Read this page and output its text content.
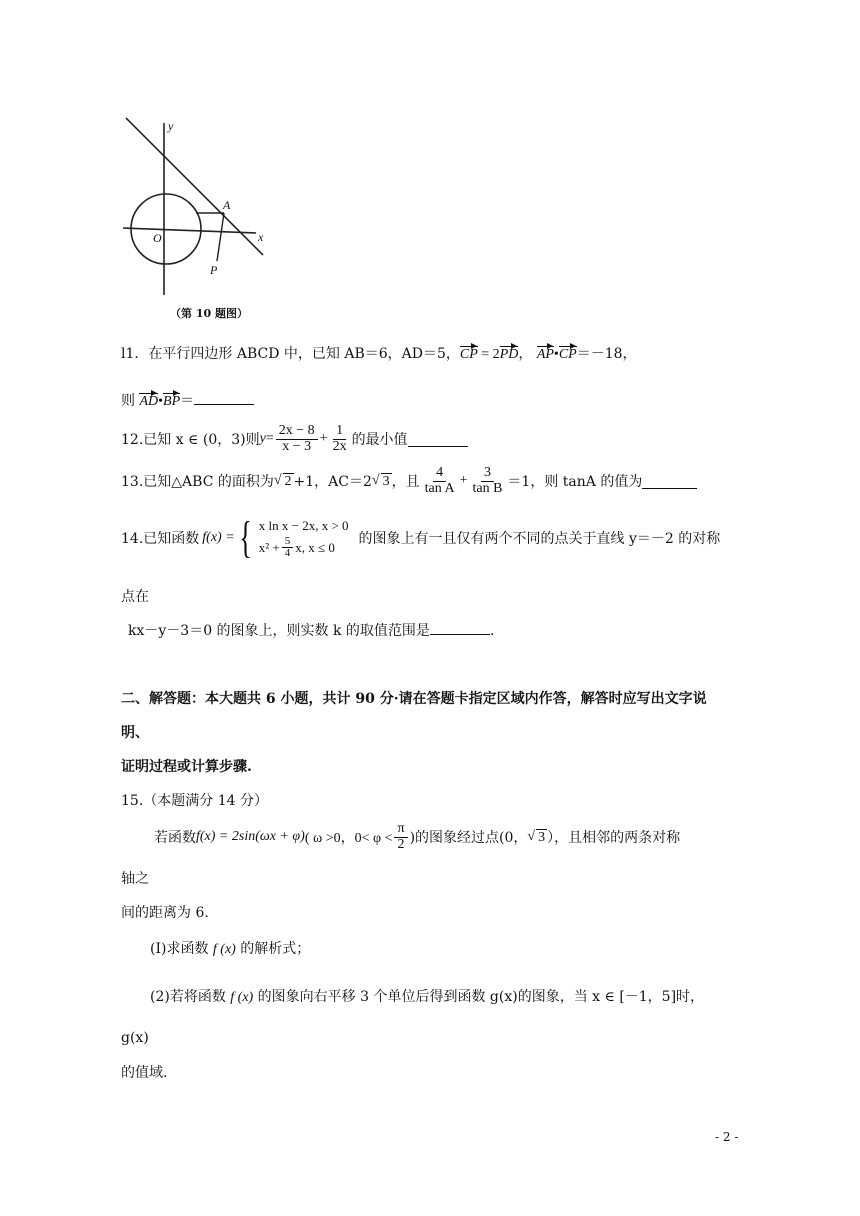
y
x
O
A
P
（第 10 题图）
l1．在平行四边形 ABCD 中，已知 AB＝6，AD＝5，CP = 2PD， AP•CP＝－18，
则 AD•BP＝
12.已知 x ∈ (0，3)则 $y = \frac{2x - 8}{x - 3} + \frac{1}{2x}$ 的最小值
13.已知△ABC 的面积为 √ 2 +1，AC＝2 √ 3 ，且 $\frac{4}{\text{tan A}} + \frac{3}{\text{tan B}} =1$，则 tanA 的值为
14.已知函数 f(x) = { x ln x − 2x, x > 0
$x^2 + \frac{5}{4} x$, x ≤ 0
的图象上有一且仅有两个不同的点关于直线 y＝－2 的对称
点在
kx－y－3＝0 的图象上，则实数 k 的取值范围是	.
二、解答题：本大题共 6 小题，共计 90 分·请在答题卡指定区域内作答，解答时应写出文字说
明、
证明过程或计算步骤.
15.（本题满分 14 分）
若函数 f(x) = 2sin(ωx + φ) ( ω >0，$0< \varphi < \frac{\pi}{2}$ )的图象经过点(0， √ 3 ），且相邻的两条对称
轴之
间的距离为 6.
(I)求函数 f (x) 的解析式；
(2)若将函数 f (x) 的图象向右平移 3 个单位后得到函数 g(x)的图象，当 x ∈ [－1，5]时，
g(x)
的值域.
- 2 -
